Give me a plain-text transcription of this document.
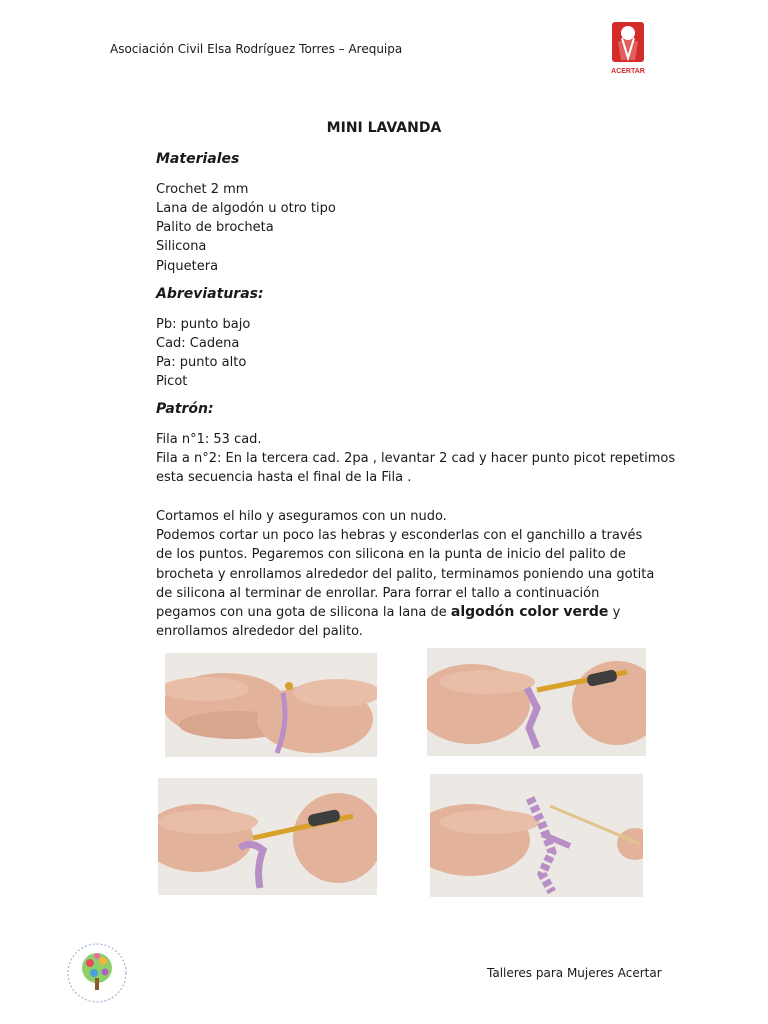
Asociación Civil Elsa Rodríguez Torres – Arequipa
ACERTAR
MINI LAVANDA
Materiales
Crochet 2 mm
Lana de algodón u otro tipo
Palito de brocheta
Silicona
Piquetera
Abreviaturas:
Pb: punto bajo
Cad: Cadena
Pa: punto alto
Picot
Patrón:
Fila n°1: 53 cad.
Fila a n°2: En la tercera cad. 2pa , levantar 2 cad y hacer punto picot repetimos
esta secuencia hasta el final de la Fila .
Cortamos el hilo y aseguramos con un nudo.
Podemos cortar un poco las hebras y esconderlas con el ganchillo a través de los puntos. Pegaremos con silicona en la punta de inicio del palito de brocheta y enrollamos alrededor del palito, terminamos poniendo una gotita de silicona al terminar de enrollar. Para forrar el tallo a continuación pegamos con una gota de silicona la lana de algodón color verde y enrollamos alrededor del palito.
Talleres para Mujeres Acertar
